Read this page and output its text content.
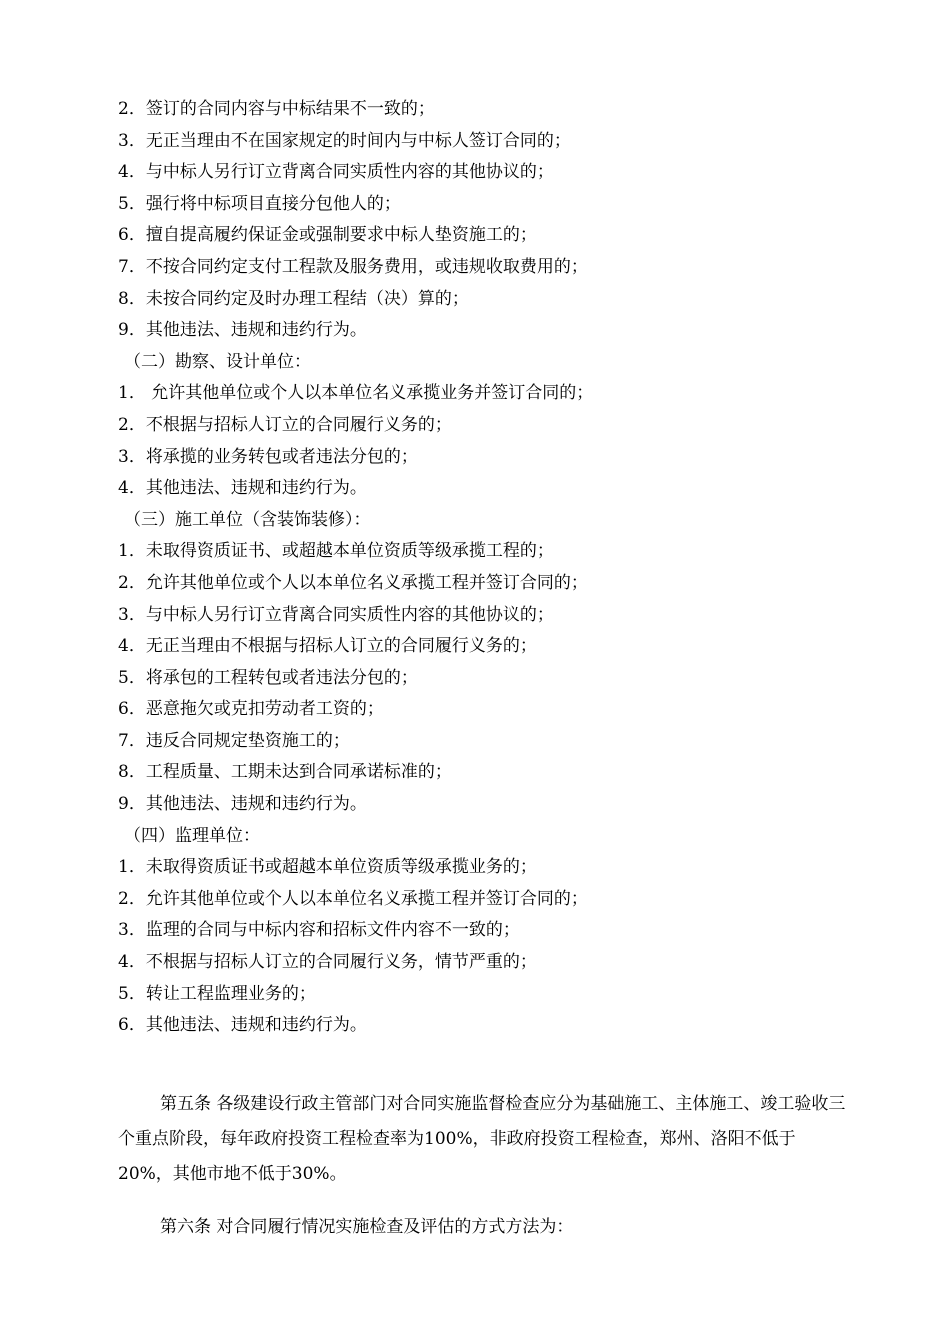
2．签订的合同内容与中标结果不一致的；
3．无正当理由不在国家规定的时间内与中标人签订合同的；
4．与中标人另行订立背离合同实质性内容的其他协议的；
5．强行将中标项目直接分包他人的；
6．擅自提高履约保证金或强制要求中标人垫资施工的；
7．不按合同约定支付工程款及服务费用，或违规收取费用的；
8．未按合同约定及时办理工程结（决）算的；
9．其他违法、违规和违约行为。
（二）勘察、设计单位：
1． 允许其他单位或个人以本单位名义承揽业务并签订合同的；
2．不根据与招标人订立的合同履行义务的；
3．将承揽的业务转包或者违法分包的；
4．其他违法、违规和违约行为。
（三）施工单位（含装饰装修）：
1．未取得资质证书、或超越本单位资质等级承揽工程的；
2．允许其他单位或个人以本单位名义承揽工程并签订合同的；
3．与中标人另行订立背离合同实质性内容的其他协议的；
4．无正当理由不根据与招标人订立的合同履行义务的；
5．将承包的工程转包或者违法分包的；
6．恶意拖欠或克扣劳动者工资的；
7．违反合同规定垫资施工的；
8．工程质量、工期未达到合同承诺标准的；
9．其他违法、违规和违约行为。
（四）监理单位：
1．未取得资质证书或超越本单位资质等级承揽业务的；
2．允许其他单位或个人以本单位名义承揽工程并签订合同的；
3．监理的合同与中标内容和招标文件内容不一致的；
4．不根据与招标人订立的合同履行义务，情节严重的；
5．转让工程监理业务的；
6．其他违法、违规和违约行为。

第五条 各级建设行政主管部门对合同实施监督检查应分为基础施工、主体施工、竣工验收三个重点阶段，每年政府投资工程检查率为100%，非政府投资工程检查，郑州、洛阳不低于20%，其他市地不低于30%。

第六条 对合同履行情况实施检查及评估的方式方法为：
